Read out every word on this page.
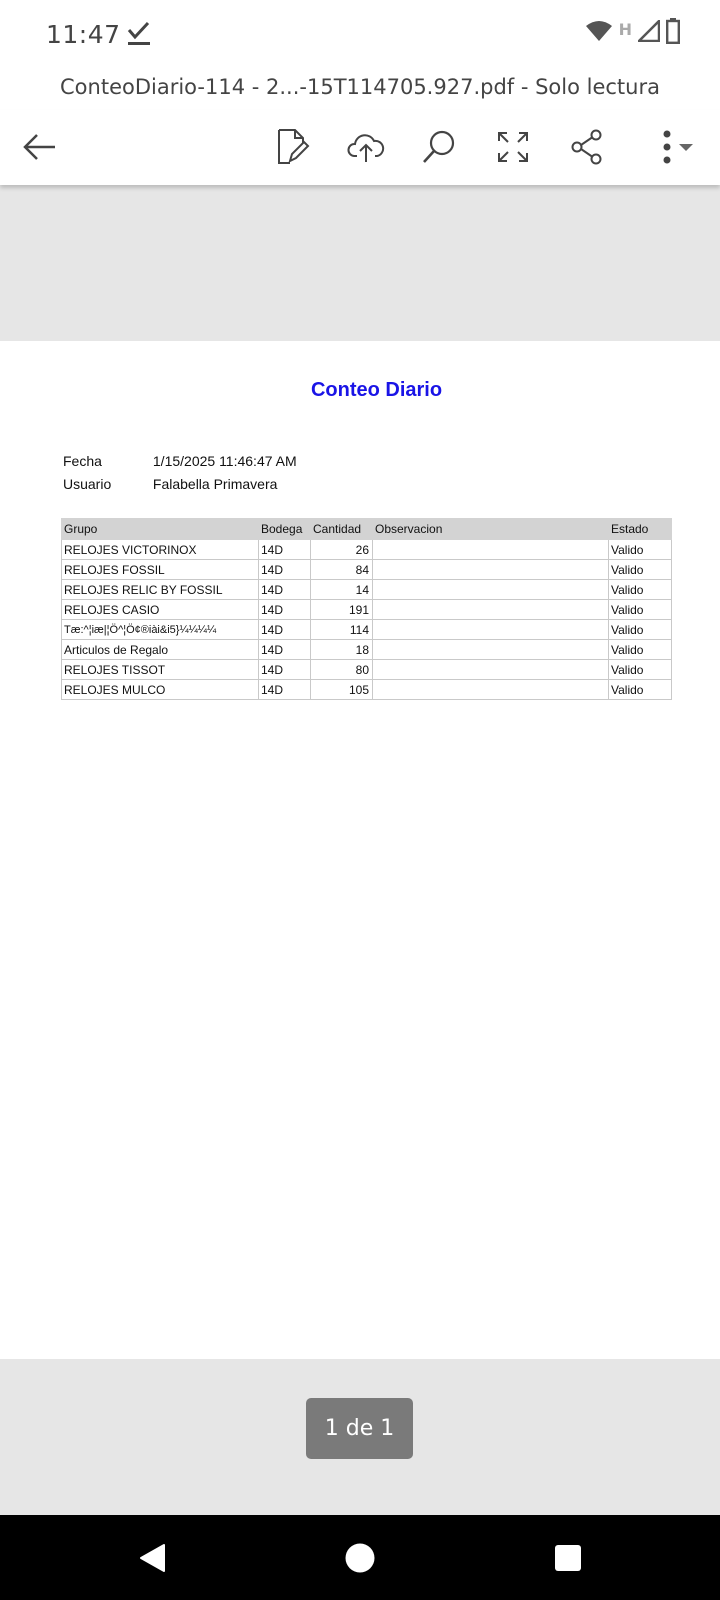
11:47	H
ConteoDiario-114 - 2...-15T114705.927.pdf - Solo lectura
Conteo Diario
Fecha	1/15/2025 11:46:47 AM
Usuario	Falabella Primavera
Grupo	Bodega	Cantidad	Observacion	Estado
RELOJES VICTORINOX	14D	26		Valido
RELOJES FOSSIL	14D	84		Valido
RELOJES RELIC BY FOSSIL	14D	14		Valido
RELOJES CASIO	14D	191		Valido
Tæ:^¦iæ|¦Ö^¦Ö¢®iài&i5}¼¼¼¼	14D	114		Valido
Articulos de Regalo	14D	18		Valido
RELOJES TISSOT	14D	80		Valido
RELOJES MULCO	14D	105		Valido
1 de 1
